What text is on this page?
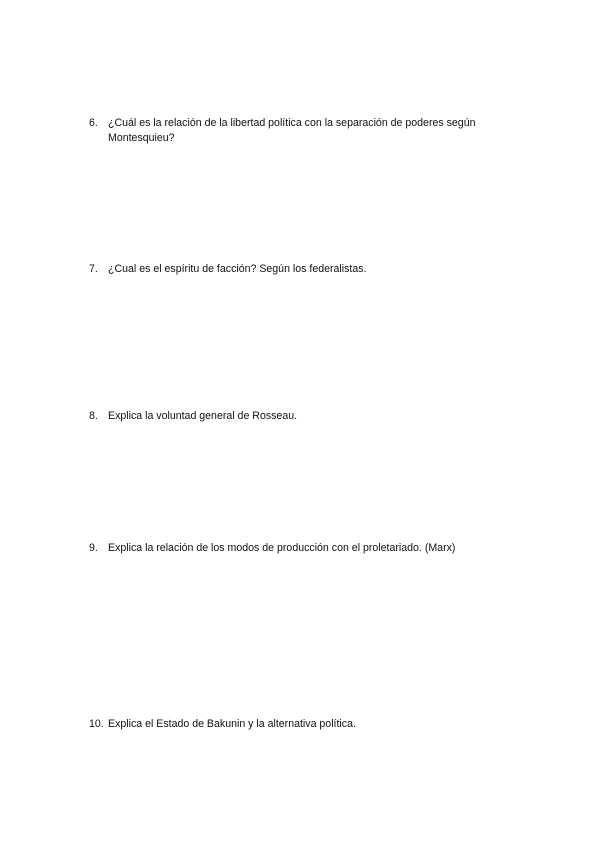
6. ¿Cuál es la relación de la libertad política con la separación de poderes según Montesquieu?
7. ¿Cual es el espíritu de facción? Según los federalistas.
8. Explica la voluntad general de Rosseau.
9. Explica la relación de los modos de producción con el proletariado. (Marx)
10. Explica el Estado de Bakunin y la alternativa política.
